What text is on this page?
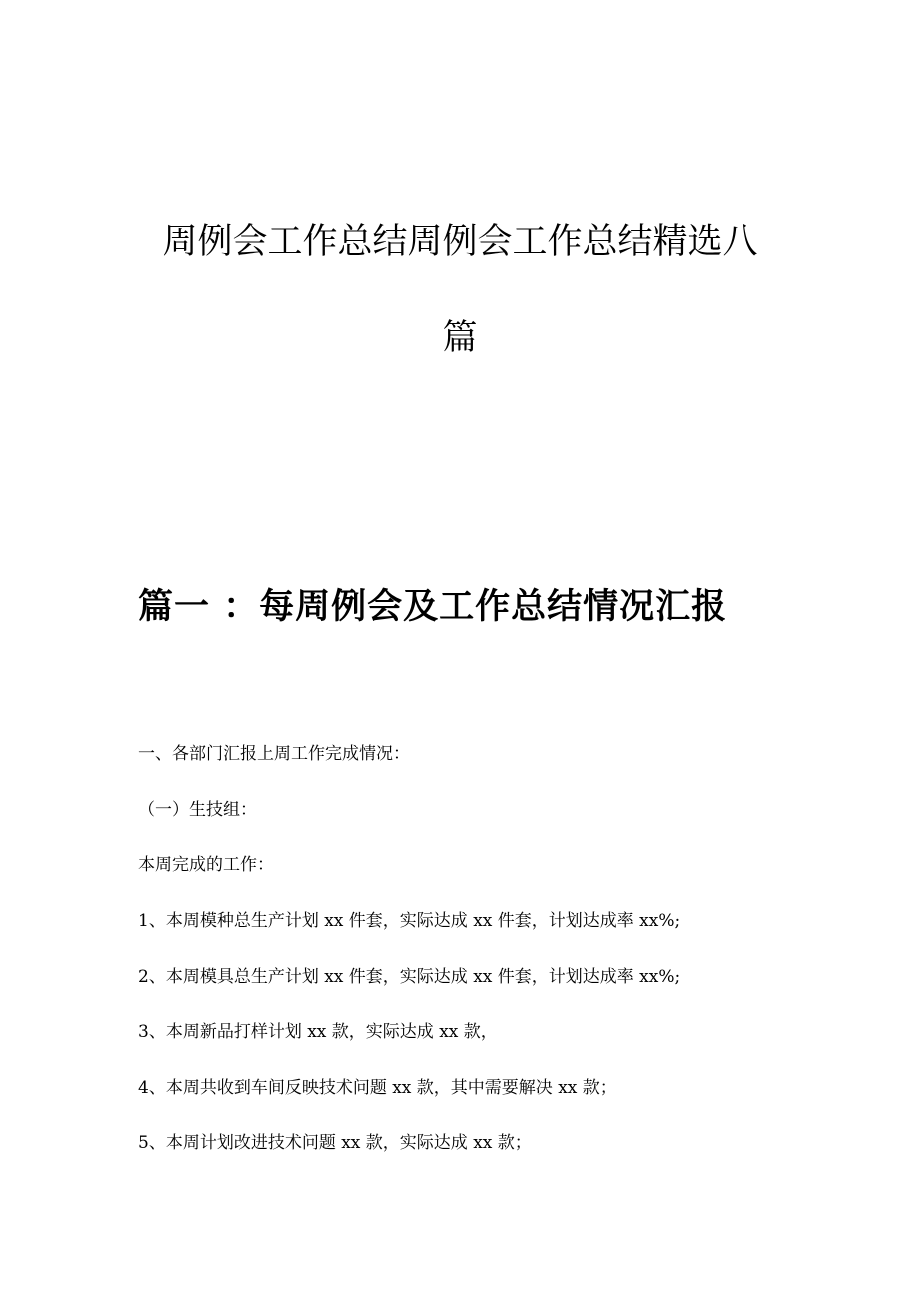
周例会工作总结周例会工作总结精选八
篇
篇一 ：每周例会及工作总结情况汇报

一、各部门汇报上周工作完成情况：

（一）生技组：

本周完成的工作：

1、本周模种总生产计划 xx 件套，实际达成 xx 件套，计划达成率 xx%;

2、本周模具总生产计划 xx 件套，实际达成 xx 件套，计划达成率 xx%;

3、本周新品打样计划 xx 款，实际达成 xx 款，

4、本周共收到车间反映技术问题 xx 款，其中需要解决 xx 款；

5、本周计划改进技术问题 xx 款，实际达成 xx 款；
